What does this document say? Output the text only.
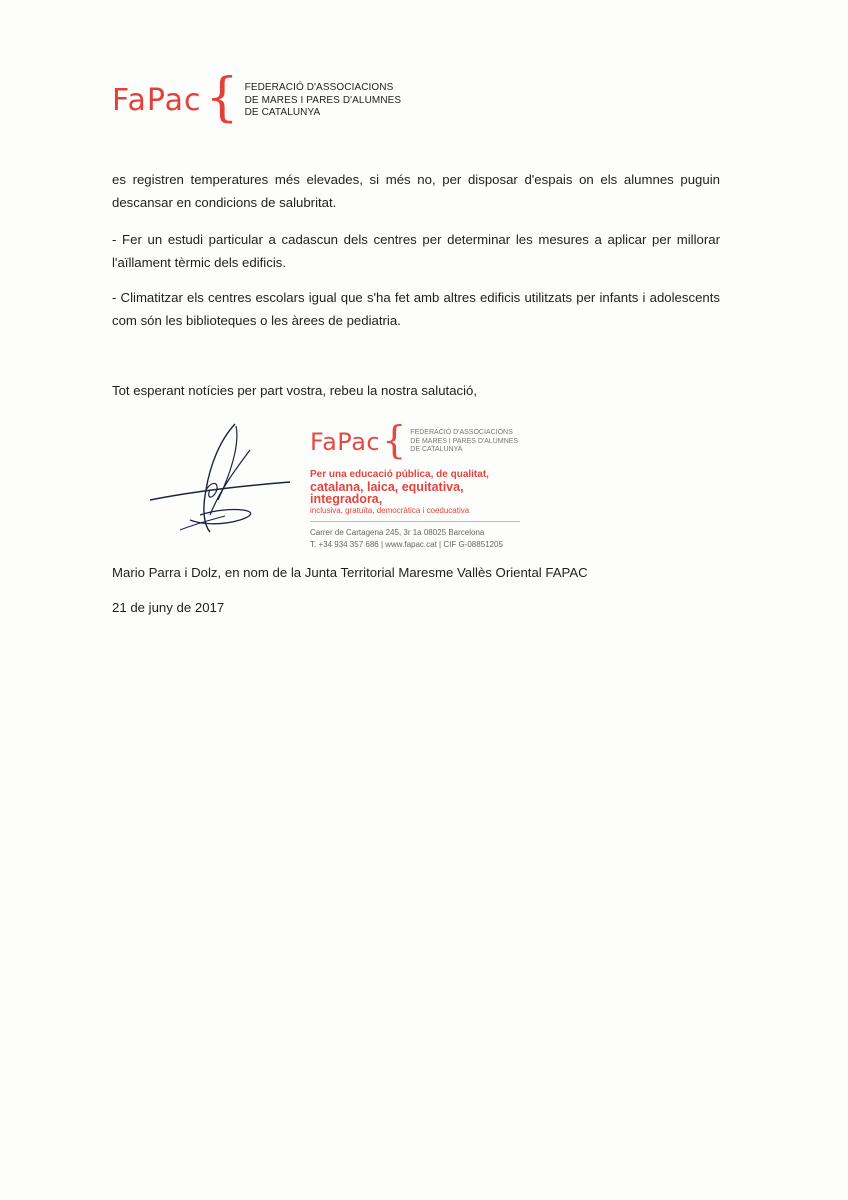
FaPac { FEDERACIÓ D'ASSOCIACIONS
DE MARES I PARES D'ALUMNES
DE CATALUNYA

es registren temperatures més elevades, si més no, per disposar d'espais on els alumnes puguin descansar en condicions de salubritat.

- Fer un estudi particular a cadascun dels centres per determinar les mesures a aplicar per millorar l'aïllament tèrmic dels edificis.

- Climatitzar els centres escolars igual que s'ha fet amb altres edificis utilitzats per infants i adolescents com són les biblioteques o les àrees de pediatria.

Tot esperant notícies per part vostra, rebeu la nostra salutació,

FaPac { FEDERACIÓ D'ASSOCIACIONS
DE MARES I PARES D'ALUMNES
DE CATALUNYA
Per una educació pública, de qualitat,
catalana, laica, equitativa, integradora,
inclusiva, gratuïta, democràtica i coeducativa
Carrer de Cartagena 245, 3r 1a 08025 Barcelona
T. +34 934 357 686 | www.fapac.cat | CIF G-08851205

Mario Parra i Dolz, en nom de la Junta Territorial Maresme Vallès Oriental FAPAC

21 de juny de 2017
